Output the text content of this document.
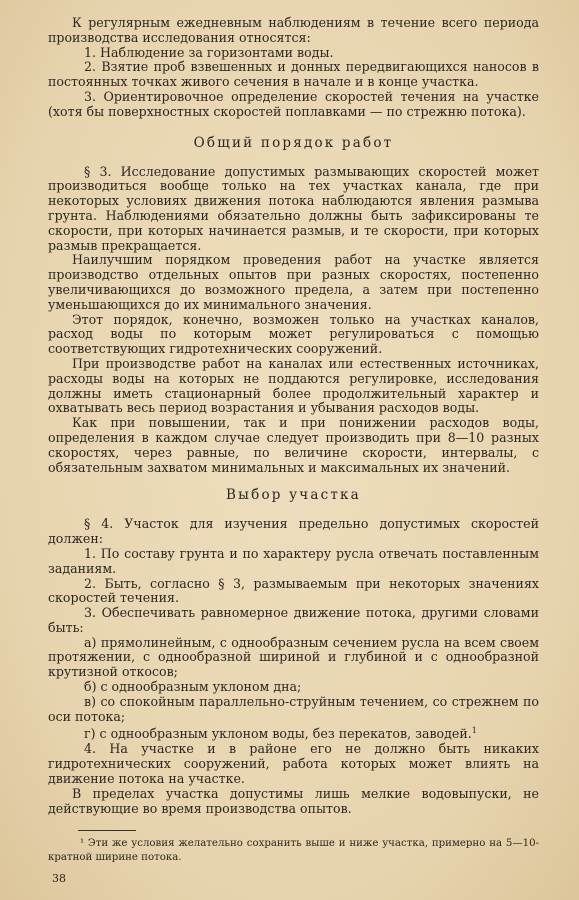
К регулярным ежедневным наблюдениям в течение всего периода производства исследования относятся:

1. Наблюдение за горизонтами воды.

2. Взятие проб взвешенных и донных передвигающихся наносов в постоянных точках живого сечения в начале и в конце участка.

3. Ориентировочное определение скоростей течения на участке (хотя бы поверхностных скоростей поплавками — по стрежню потока).

Общий порядок работ

§ 3. Исследование допустимых размывающих скоростей может производиться вообще только на тех участках канала, где при некоторых условиях движения потока наблюдаются явления размыва грунта. Наблюдениями обязательно должны быть зафиксированы те скорости, при которых начинается размыв, и те скорости, при которых размыв прекращается.

Наилучшим порядком проведения работ на участке является производство отдельных опытов при разных скоростях, постепенно увеличивающихся до возможного предела, а затем при постепенно уменьшающихся до их минимального значения.

Этот порядок, конечно, возможен только на участках каналов, расход воды по которым может регулироваться с помощью соответствующих гидротехнических сооружений.

При производстве работ на каналах или естественных источниках, расходы воды на которых не поддаются регулировке, исследования должны иметь стационарный более продолжительный характер и охватывать весь период возрастания и убывания расходов воды.

Как при повышении, так и при понижении расходов воды, определения в каждом случае следует производить при 8—10 разных скоростях, через равные, по величине скорости, интервалы, с обязательным захватом минимальных и максимальных их значений.

Выбор участка

§ 4. Участок для изучения предельно допустимых скоростей должен:

1. По составу грунта и по характеру русла отвечать поставленным заданиям.

2. Быть, согласно § 3, размываемым при некоторых значениях скоростей течения.

3. Обеспечивать равномерное движение потока, другими словами быть:

а) прямолинейным, с однообразным сечением русла на всем своем протяжении, с однообразной шириной и глубиной и с однообразной крутизной откосов;

б) с однообразным уклоном дна;

в) со спокойным параллельно-струйным течением, со стрежнем по оси потока;

г) с однообразным уклоном воды, без перекатов, заводей.$^1$

4. На участке и в районе его не должно быть никаких гидротехнических сооружений, работа которых может влиять на движение потока на участке.

В пределах участка допустимы лишь мелкие водовыпуски, не действующие во время производства опытов.

¹ Эти же условия желательно сохранить выше и ниже участка, примерно на 5—10-кратной ширине потока.

38
